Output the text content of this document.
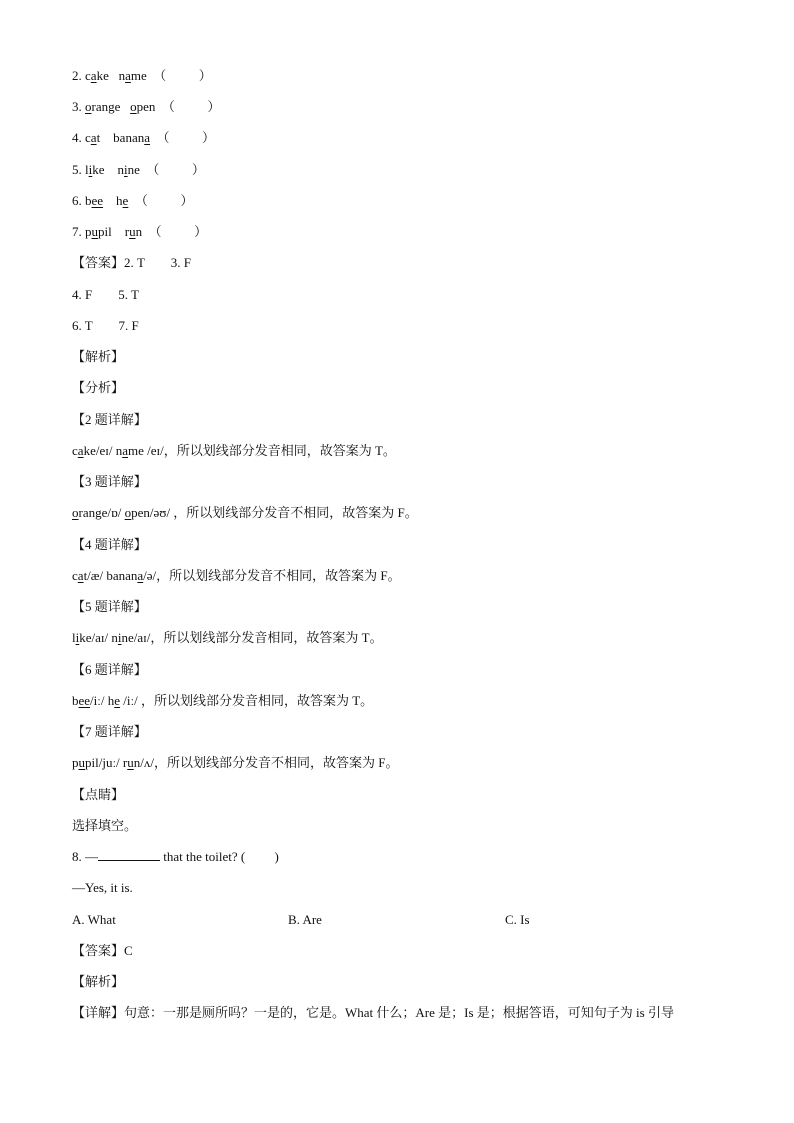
2. cake   name  （          ）
3. orange   open  （          ）
4. cat    banana  （          ）
5. like    nine  （          ）
6. bee    he  （          ）
7. pupil    run  （          ）
【答案】2. T        3. F
4. F        5. T
6. T        7. F
【解析】
【分析】
【2 题详解】
cake/eɪ/ name /eɪ/，所以划线部分发音相同，故答案为 T。
【3 题详解】
orange/ɒ/ open/əʊ/ ，所以划线部分发音不相同，故答案为 F。
【4 题详解】
cat/æ/ banana/ə/，所以划线部分发音不相同，故答案为 F。
【5 题详解】
like/aɪ/ nine/aɪ/，所以划线部分发音相同，故答案为 T。
【6 题详解】
bee/iː/ he /iː/ ，所以划线部分发音相同，故答案为 T。
【7 题详解】
pupil/juː/ run/ʌ/，所以划线部分发音不相同，故答案为 F。
【点睛】
选择填空。
8. —	that the toilet? (         )
—Yes, it is.
A. What	B. Are	C. Is
【答案】C
【解析】
【详解】句意：一那是厕所吗？一是的，它是。What 什么；Are 是；Is 是；根据答语，可知句子为 is 引导
